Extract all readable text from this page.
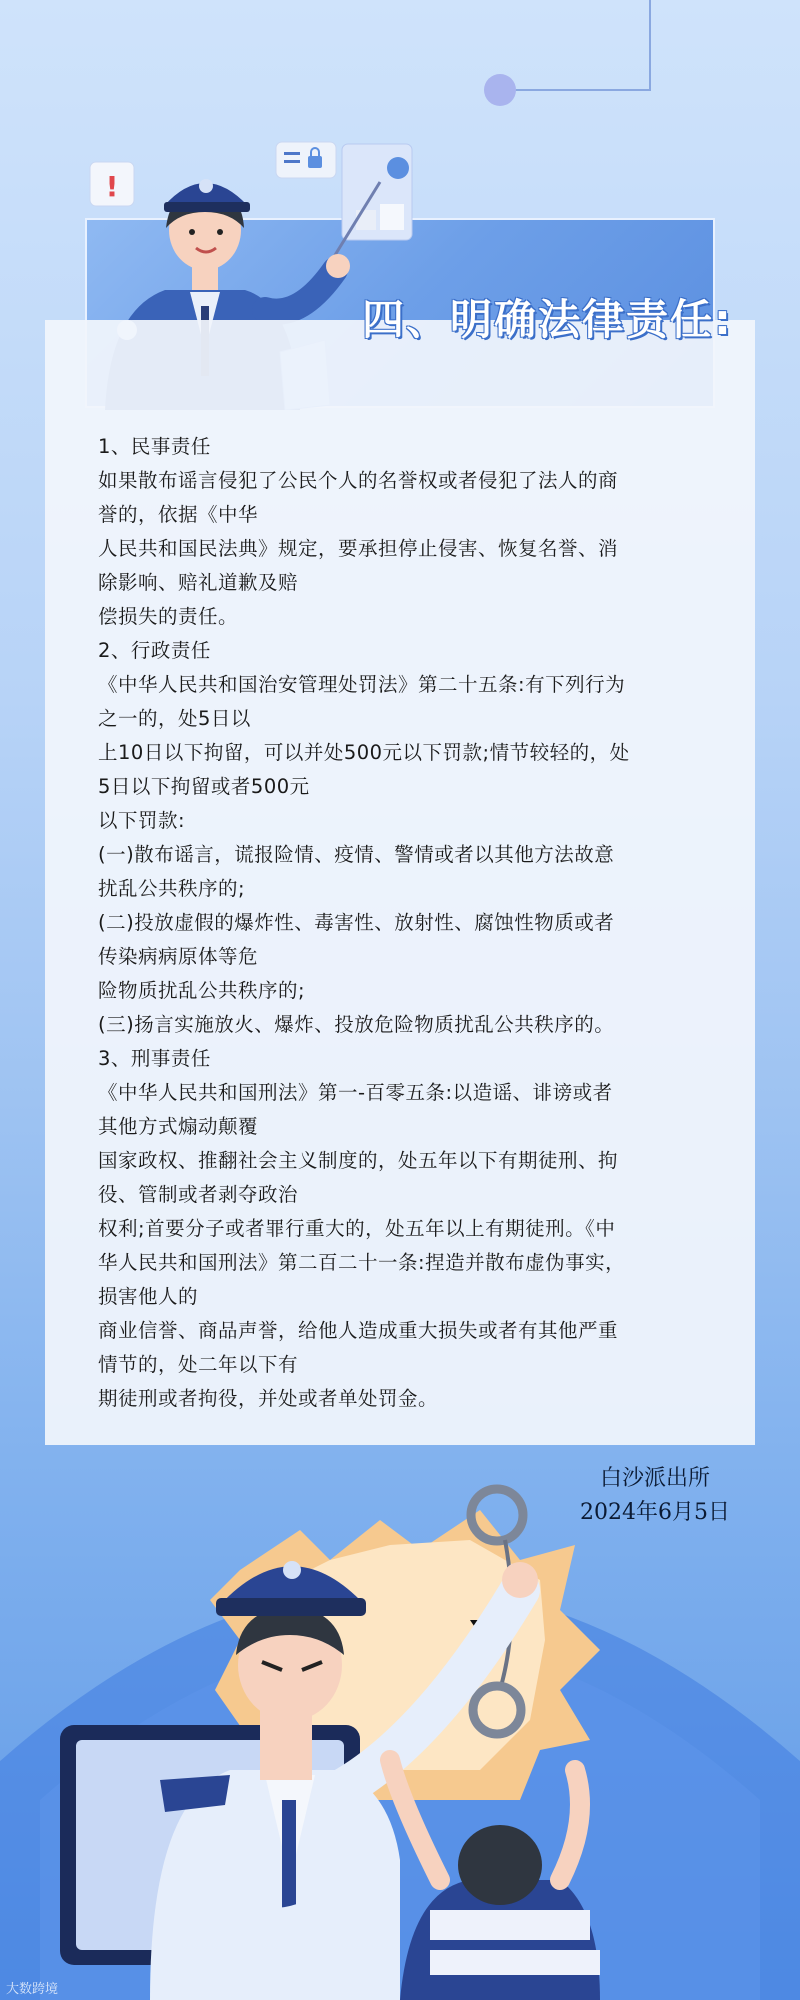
!
四、明确法律责任:
1、民事责任
如果散布谣言侵犯了公民个人的名誉权或者侵犯了法人的商
誉的，依据《中华
人民共和国民法典》规定，要承担停止侵害、恢复名誉、消
除影响、赔礼道歉及赔
偿损失的责任。
2、行政责任
《中华人民共和国治安管理处罚法》第二十五条:有下列行为
之一的，处5日以
上10日以下拘留，可以并处500元以下罚款;情节较轻的，处
5日以下拘留或者500元
以下罚款:
(一)散布谣言，谎报险情、疫情、警情或者以其他方法故意
扰乱公共秩序的;
(二)投放虚假的爆炸性、毒害性、放射性、腐蚀性物质或者
传染病病原体等危
险物质扰乱公共秩序的;
(三)扬言实施放火、爆炸、投放危险物质扰乱公共秩序的。
3、刑事责任
《中华人民共和国刑法》第一-百零五条:以造谣、诽谤或者
其他方式煽动颠覆
国家政权、推翻社会主义制度的，处五年以下有期徒刑、拘
役、管制或者剥夺政治
权利;首要分子或者罪行重大的，处五年以上有期徒刑。《中
华人民共和国刑法》第二百二十一条:捏造并散布虚伪事实，
损害他人的
商业信誉、商品声誉，给他人造成重大损失或者有其他严重
情节的，处二年以下有
期徒刑或者拘役，并处或者单处罚金。
白沙派出所
2024年6月5日
大数跨境
